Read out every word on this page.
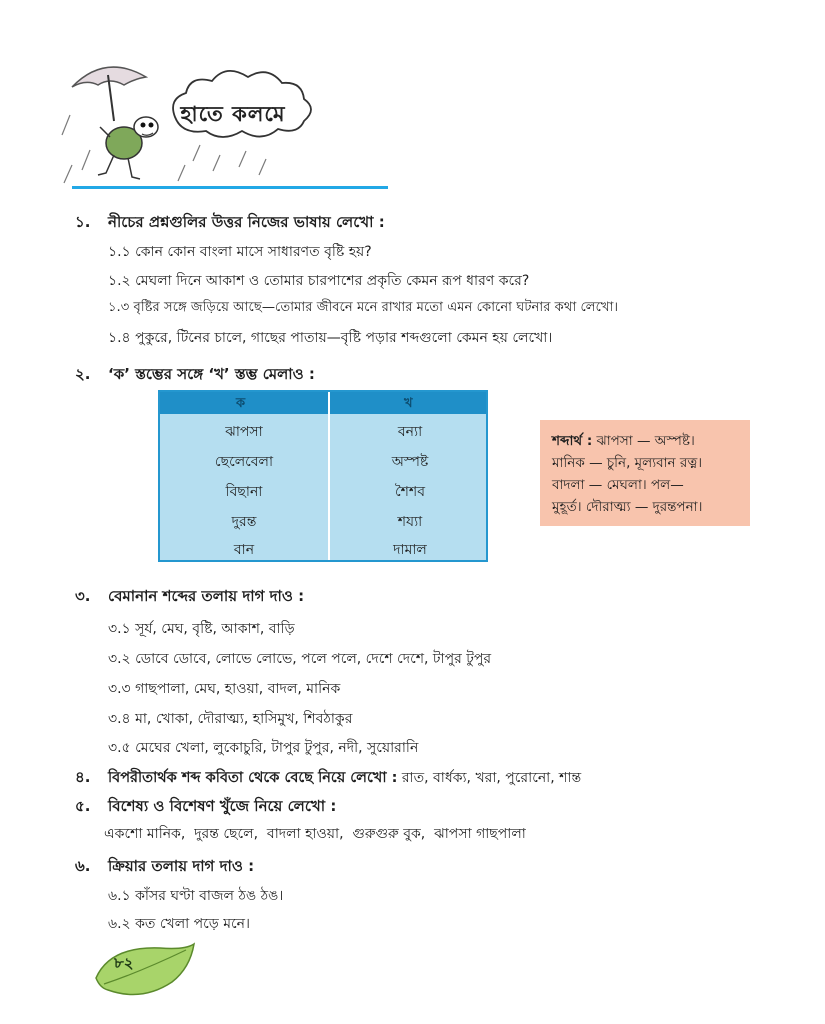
হাতে কলমে
১. নীচের প্রশ্নগুলির উত্তর নিজের ভাষায় লেখো :
১.১ কোন কোন বাংলা মাসে সাধারণত বৃষ্টি হয়?
১.২ মেঘলা দিনে আকাশ ও তোমার চারপাশের প্রকৃতি কেমন রূপ ধারণ করে?
১.৩ বৃষ্টির সঙ্গে জড়িয়ে আছে—তোমার জীবনে মনে রাখার মতো এমন কোনো ঘটনার কথা লেখো।
১.৪ পুকুরে, টিনের চালে, গাছের পাতায়—বৃষ্টি পড়ার শব্দগুলো কেমন হয় লেখো।
২. ‘ক’ স্তম্ভের সঙ্গে ‘খ’ স্তম্ভ মেলাও :
ক	খ
ঝাপসা
ছেলেবেলা
বিছানা
দুরন্ত
বান
বন্যা
অস্পষ্ট
শৈশব
শয্যা
দামাল
শব্দার্থ : ঝাপসা — অস্পষ্ট।
মানিক — চুনি, মূল্যবান রত্ন।
বাদলা — মেঘলা। পল—
মুহূর্ত। দৌরাত্ম্য — দুরন্তপনা।
৩. বেমানান শব্দের তলায় দাগ দাও :
৩.১ সূর্য, মেঘ, বৃষ্টি, আকাশ, বাড়ি
৩.২ ডোবে ডোবে, লোভে লোভে, পলে পলে, দেশে দেশে, টাপুর টুপুর
৩.৩ গাছপালা, মেঘ, হাওয়া, বাদল, মানিক
৩.৪ মা, খোকা, দৌরাত্ম্য, হাসিমুখ, শিবঠাকুর
৩.৫ মেঘের খেলা, লুকোচুরি, টাপুর টুপুর, নদী, সুয়োরানি
৪. বিপরীতার্থক শব্দ কবিতা থেকে বেছে নিয়ে লেখো : রাত, বার্ধক্য, খরা, পুরোনো, শান্ত
৫. বিশেষ্য ও বিশেষণ খুঁজে নিয়ে লেখো :
একশো মানিক,  দুরন্ত ছেলে,  বাদলা হাওয়া,  গুরুগুরু বুক,  ঝাপসা গাছপালা
৬. ক্রিয়ার তলায় দাগ দাও :
৬.১ কাঁসর ঘণ্টা বাজল ঠঙ ঠঙ।
৬.২ কত খেলা পড়ে মনে।
৮২
